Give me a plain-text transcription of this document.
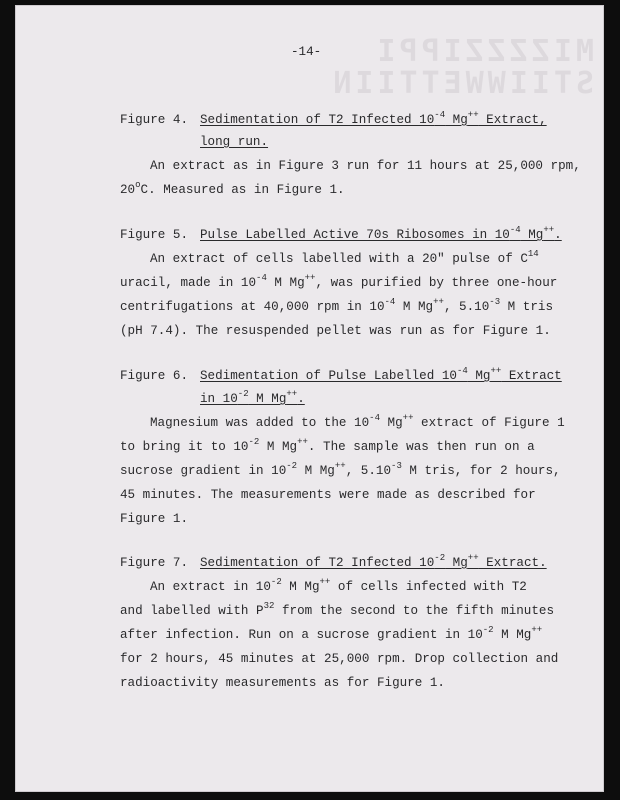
MIZZZZIPPI
STIIWWETTIIN
-14-
Figure 4. Sedimentation of T2 Infected $10^{-4}$ Mg++ Extract,
long run.
An extract as in Figure 3 run for 11 hours at 25,000 rpm,
20$^o$C. Measured as in Figure 1.
Figure 5. Pulse Labelled Active 70s Ribosomes in $10^{-4}$ Mg++.
An extract of cells labelled with a 20" pulse of $C^{14}$
uracil, made in $10^{-4}$ M Mg++, was purified by three one-hour
centrifugations at 40,000 rpm in $10^{-4}$ M Mg++, $5.10^{-3}$ M tris
(pH 7.4). The resuspended pellet was run as for Figure 1.
Figure 6. Sedimentation of Pulse Labelled $10^{-4}$ Mg++ Extract
in $10^{-2}$ M Mg++.
Magnesium was added to the $10^{-4}$ Mg++ extract of Figure 1
to bring it to $10^{-2}$ M Mg++. The sample was then run on a
sucrose gradient in $10^{-2}$ M Mg++, $5.10^{-3}$ M tris, for 2 hours,
45 minutes. The measurements were made as described for
Figure 1.
Figure 7. Sedimentation of T2 Infected $10^{-2}$ Mg++ Extract.
An extract in $10^{-2}$ M Mg++ of cells infected with T2
and labelled with $P^{32}$ from the second to the fifth minutes
after infection. Run on a sucrose gradient in $10^{-2}$ M Mg++
for 2 hours, 45 minutes at 25,000 rpm. Drop collection and
radioactivity measurements as for Figure 1.
